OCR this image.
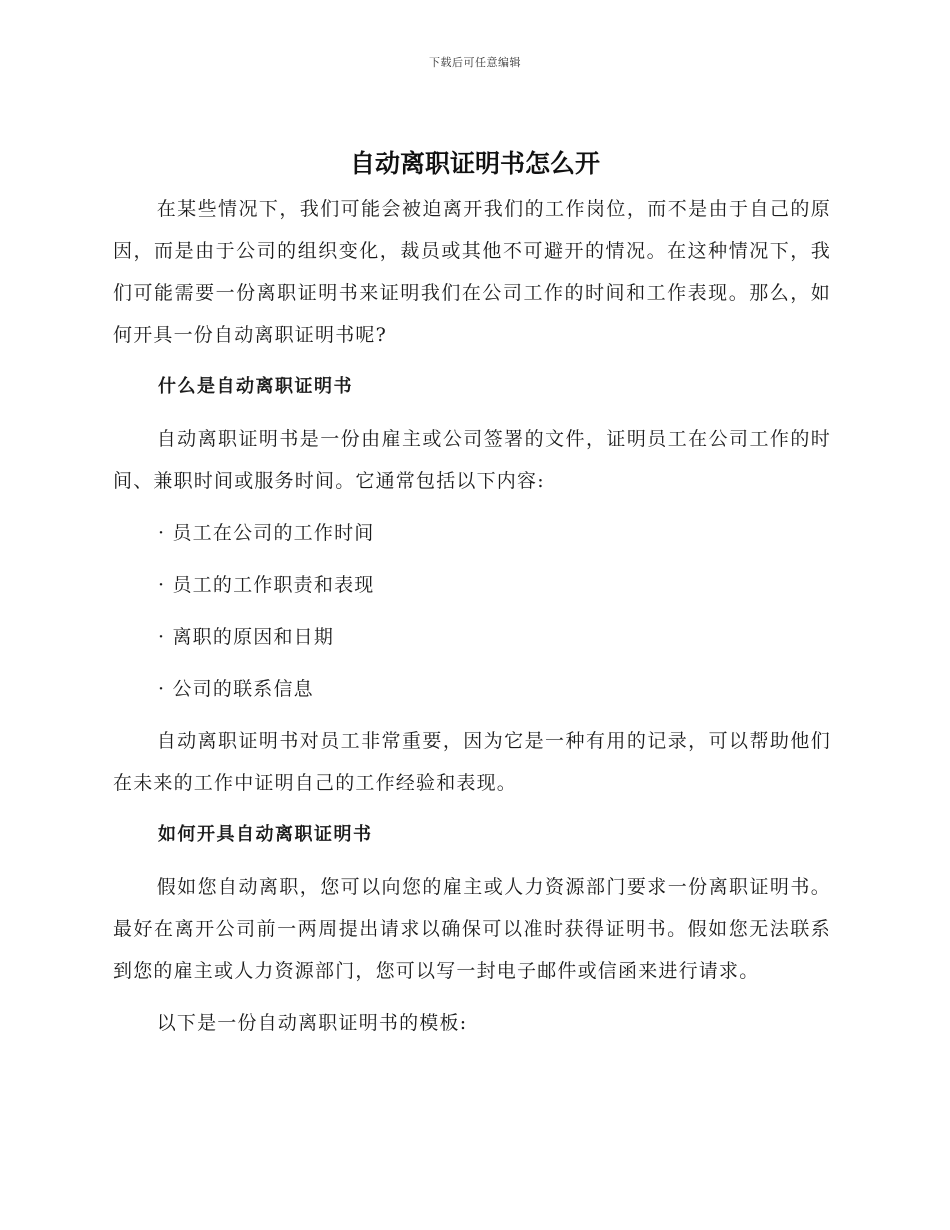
下载后可任意编辑
自动离职证明书怎么开

在某些情况下，我们可能会被迫离开我们的工作岗位，而不是由于自己的原因，而是由于公司的组织变化，裁员或其他不可避开的情况。在这种情况下，我们可能需要一份离职证明书来证明我们在公司工作的时间和工作表现。那么，如何开具一份自动离职证明书呢?

什么是自动离职证明书

自动离职证明书是一份由雇主或公司签署的文件，证明员工在公司工作的时间、兼职时间或服务时间。它通常包括以下内容:

· 员工在公司的工作时间

· 员工的工作职责和表现

· 离职的原因和日期

· 公司的联系信息

自动离职证明书对员工非常重要，因为它是一种有用的记录，可以帮助他们在未来的工作中证明自己的工作经验和表现。

如何开具自动离职证明书

假如您自动离职，您可以向您的雇主或人力资源部门要求一份离职证明书。最好在离开公司前一两周提出请求以确保可以准时获得证明书。假如您无法联系到您的雇主或人力资源部门，您可以写一封电子邮件或信函来进行请求。

以下是一份自动离职证明书的模板:
